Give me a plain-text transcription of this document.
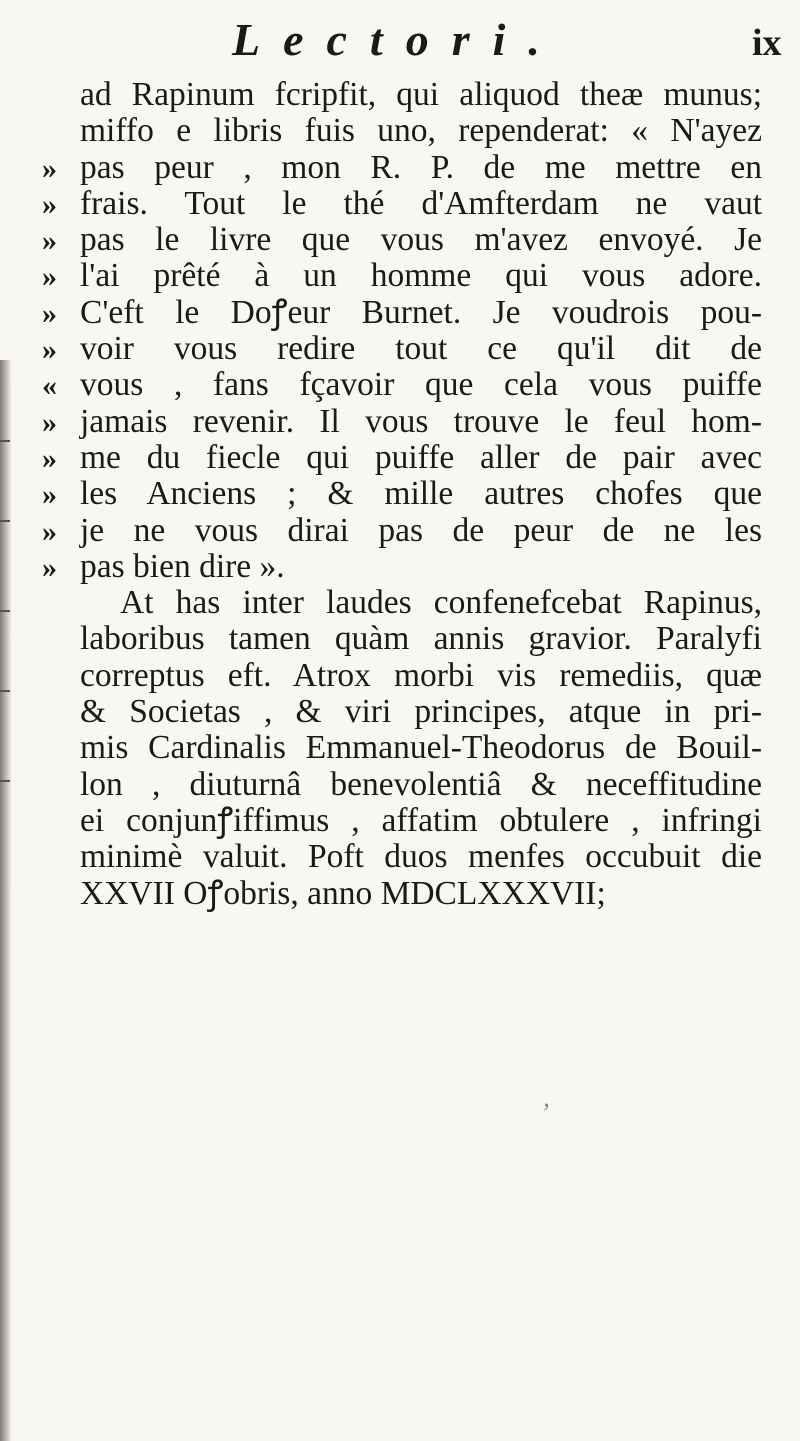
Lectori.	ix
ad Rapinum fcripfit, qui aliquod theæ munus;
miffo e libris fuis uno, rependerat: « N'ayez
» pas peur , mon R. P. de me mettre en
» frais. Tout le thé d'Amfterdam ne vaut
» pas le livre que vous m'avez envoyé. Je
» l'ai prêté à un homme qui vous adore.
» C'eft le Doꝭeur Burnet. Je voudrois pou-
» voir vous redire tout ce qu'il dit de
« vous , fans fçavoir que cela vous puiffe
» jamais revenir. Il vous trouve le feul hom-
» me du fiecle qui puiffe aller de pair avec
» les Anciens ; & mille autres chofes que
» je ne vous dirai pas de peur de ne les
» pas bien dire ».
At has inter laudes confenefcebat Rapinus,
laboribus tamen quàm annis gravior. Paralyfi
correptus eft. Atrox morbi vis remediis, quæ
& Societas , & viri principes, atque in pri-
mis Cardinalis Emmanuel-Theodorus de Bouil-
lon , diuturnâ benevolentiâ & neceffitudine
ei conjunꝭiffimus , affatim obtulere , infringi
minimè valuit. Poft duos menfes occubuit die
XXVII Oꝭobris, anno MDCLXXXVII;
ʼ
